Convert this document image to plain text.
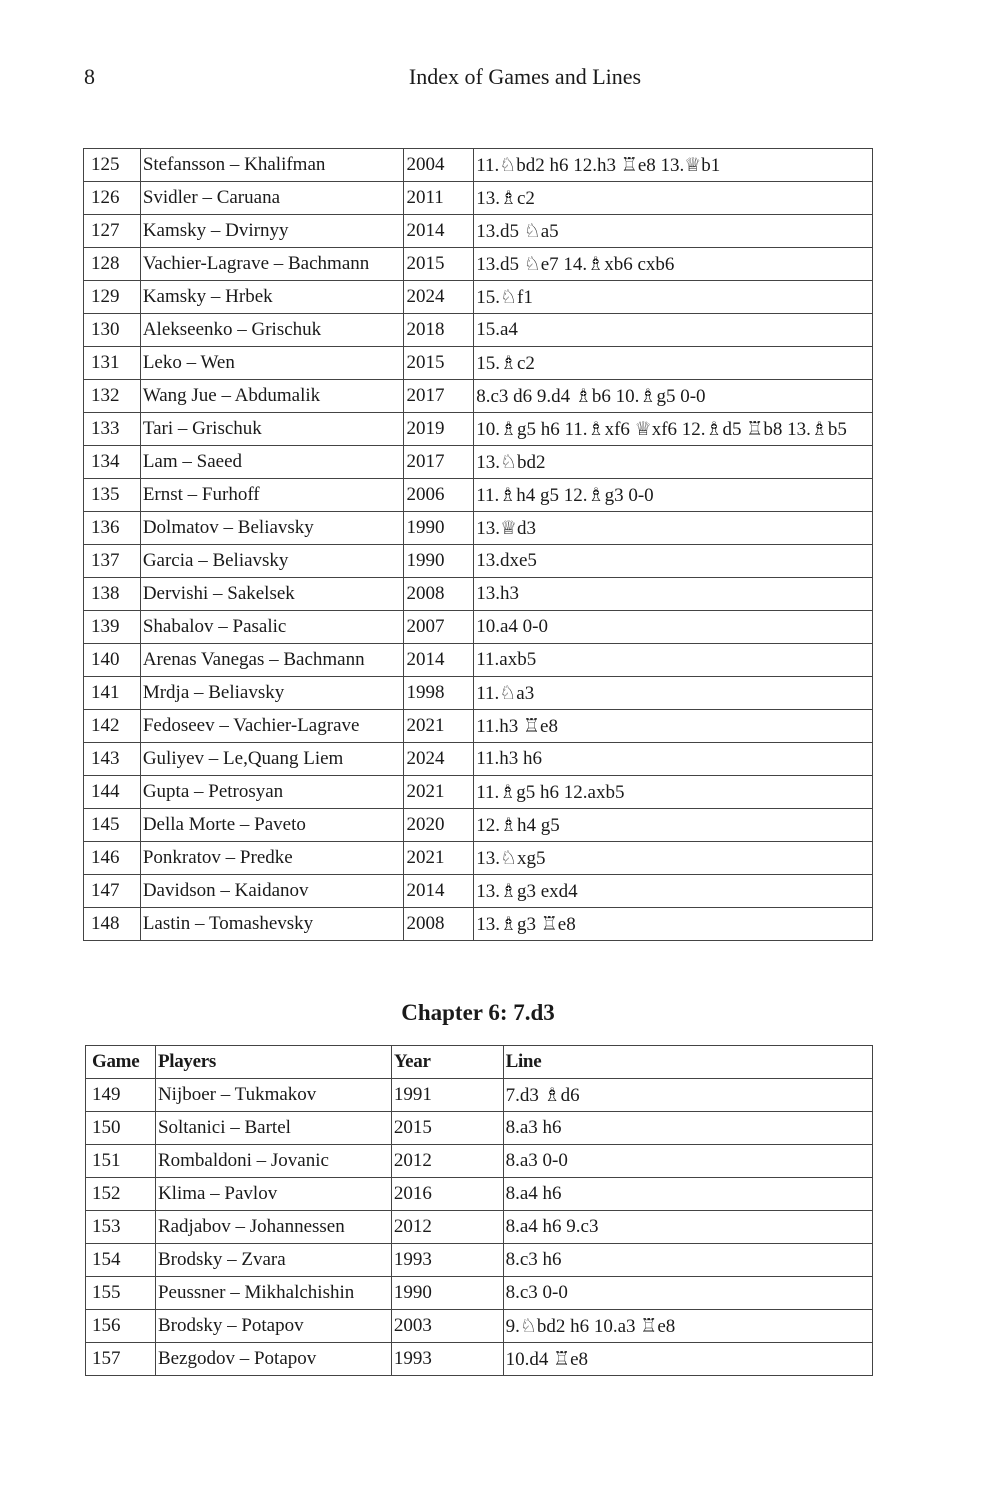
8	Index of Games and Lines
125	Stefansson – Khalifman	2004	11.♘bd2 h6 12.h3 ♖e8 13.♕b1
126	Svidler – Caruana	2011	13.♗c2
127	Kamsky – Dvirnyy	2014	13.d5 ♘a5
128	Vachier-Lagrave – Bachmann	2015	13.d5 ♘e7 14.♗xb6 cxb6
129	Kamsky – Hrbek	2024	15.♘f1
130	Alekseenko – Grischuk	2018	15.a4
131	Leko – Wen	2015	15.♗c2
132	Wang Jue – Abdumalik	2017	8.c3 d6 9.d4 ♗b6 10.♗g5 0-0
133	Tari – Grischuk	2019	10.♗g5 h6 11.♗xf6 ♕xf6 12.♗d5 ♖b8 13.♗b5
134	Lam – Saeed	2017	13.♘bd2
135	Ernst – Furhoff	2006	11.♗h4 g5 12.♗g3 0-0
136	Dolmatov – Beliavsky	1990	13.♕d3
137	Garcia – Beliavsky	1990	13.dxe5
138	Dervishi – Sakelsek	2008	13.h3
139	Shabalov – Pasalic	2007	10.a4 0-0
140	Arenas Vanegas – Bachmann	2014	11.axb5
141	Mrdja – Beliavsky	1998	11.♘a3
142	Fedoseev – Vachier-Lagrave	2021	11.h3 ♖e8
143	Guliyev – Le,Quang Liem	2024	11.h3 h6
144	Gupta – Petrosyan	2021	11.♗g5 h6 12.axb5
145	Della Morte – Paveto	2020	12.♗h4 g5
146	Ponkratov – Predke	2021	13.♘xg5
147	Davidson – Kaidanov	2014	13.♗g3 exd4
148	Lastin – Tomashevsky	2008	13.♗g3 ♖e8
Chapter 6: 7.d3
Game	Players	Year	Line
149	Nijboer – Tukmakov	1991	7.d3 ♗d6
150	Soltanici – Bartel	2015	8.a3 h6
151	Rombaldoni – Jovanic	2012	8.a3 0-0
152	Klima – Pavlov	2016	8.a4 h6
153	Radjabov – Johannessen	2012	8.a4 h6 9.c3
154	Brodsky – Zvara	1993	8.c3 h6
155	Peussner – Mikhalchishin	1990	8.c3 0-0
156	Brodsky – Potapov	2003	9.♘bd2 h6 10.a3 ♖e8
157	Bezgodov – Potapov	1993	10.d4 ♖e8
